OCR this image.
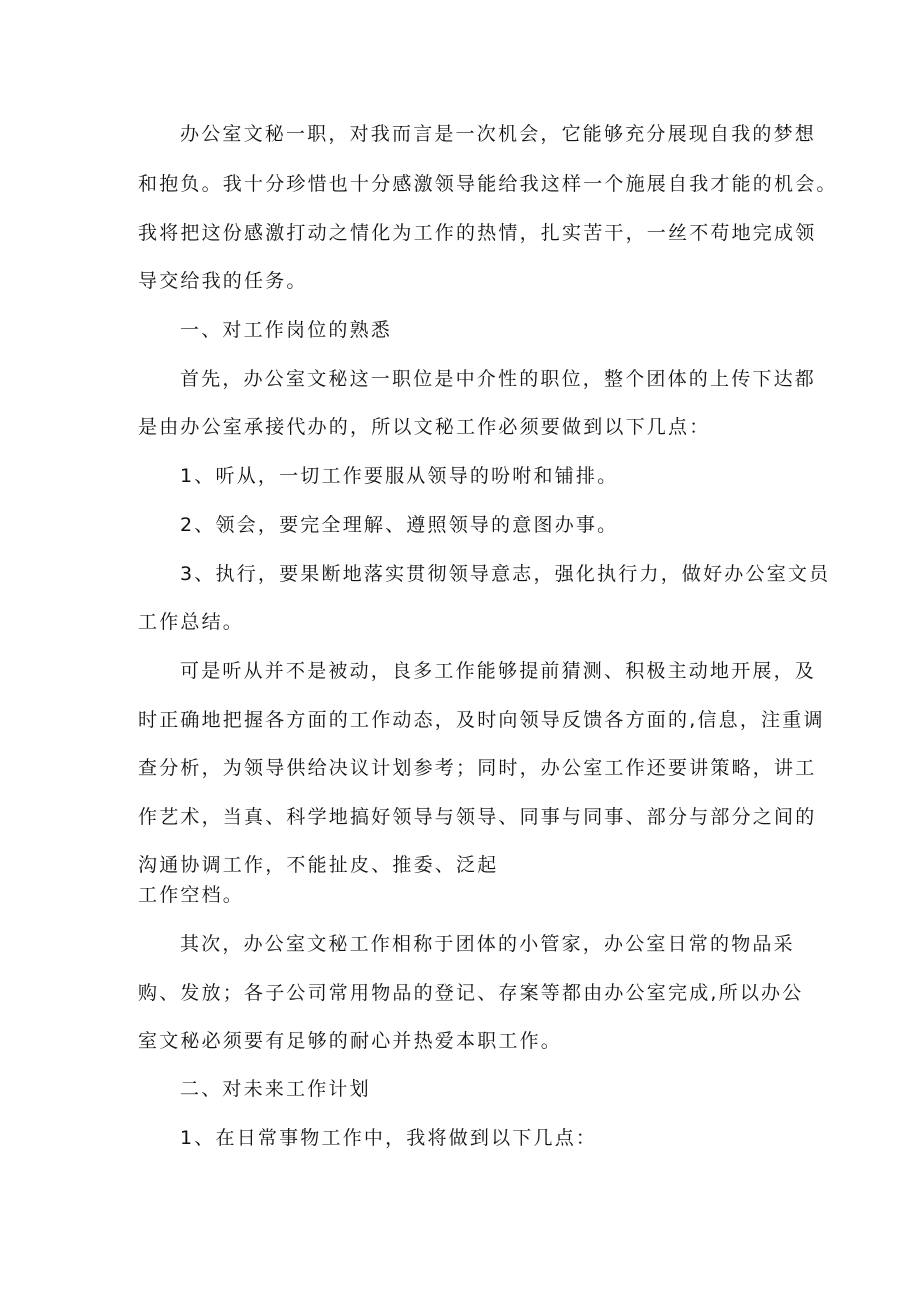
办公室文秘一职，对我而言是一次机会，它能够充分展现自我的梦想

和抱负。我十分珍惜也十分感激领导能给我这样一个施展自我才能的机会。

我将把这份感激打动之情化为工作的热情，扎实苦干，一丝不苟地完成领

导交给我的任务。

一、对工作岗位的熟悉

首先，办公室文秘这一职位是中介性的职位，整个团体的上传下达都

是由办公室承接代办的，所以文秘工作必须要做到以下几点：

1、听从，一切工作要服从领导的吩咐和铺排。

2、领会，要完全理解、遵照领导的意图办事。

3、执行，要果断地落实贯彻领导意志，强化执行力，做好办公室文员

工作总结。

可是听从并不是被动，良多工作能够提前猜测、积极主动地开展，及

时正确地把握各方面的工作动态，及时向领导反馈各方面的,信息，注重调

查分析，为领导供给决议计划参考；同时，办公室工作还要讲策略，讲工

作艺术，当真、科学地搞好领导与领导、同事与同事、部分与部分之间的

沟通协调工作，不能扯皮、推委、泛起

工作空档。

其次，办公室文秘工作相称于团体的小管家，办公室日常的物品采

购、发放；各子公司常用物品的登记、存案等都由办公室完成,所以办公

室文秘必须要有足够的耐心并热爱本职工作。

二、对未来工作计划

1、在日常事物工作中，我将做到以下几点：
